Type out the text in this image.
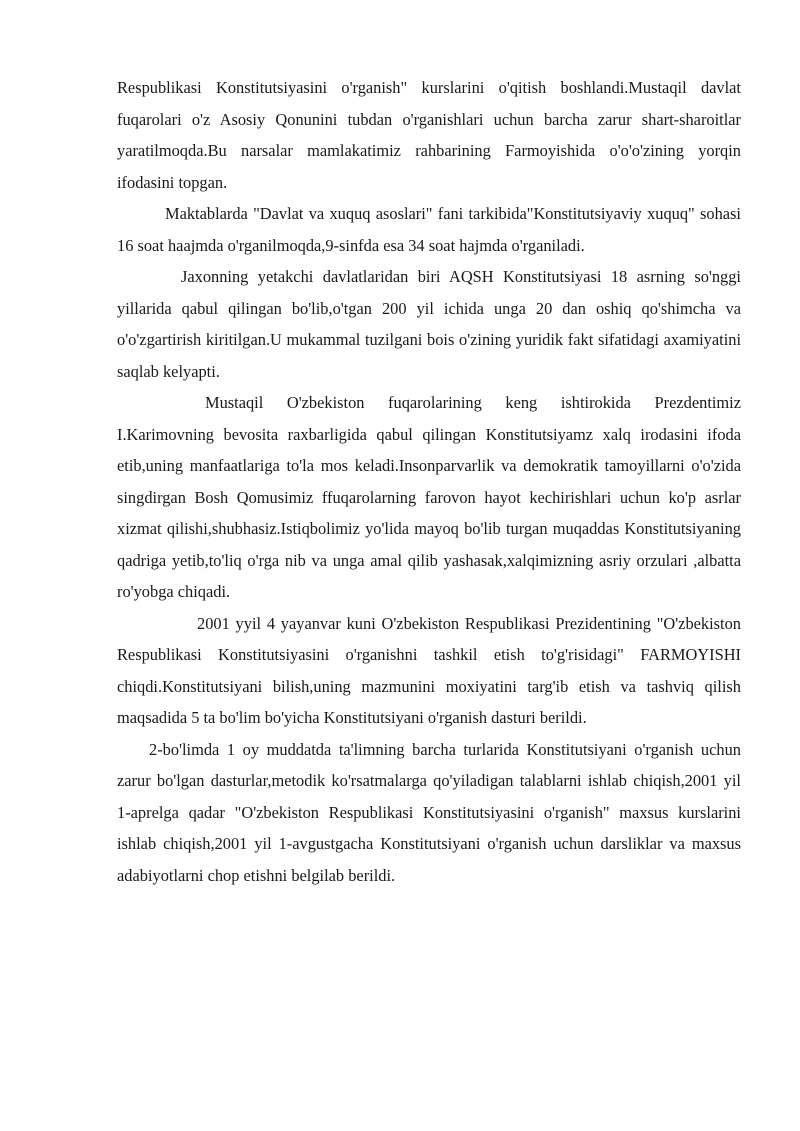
Respublikasi Konstitutsiyasini o'rganish" kurslarini o'qitish boshlandi.Mustaqil davlat fuqarolari o'z Asosiy Qonunini tubdan o'rganishlari uchun barcha zarur shart-sharoitlar yaratilmoqda.Bu narsalar mamlakatimiz rahbarining Farmoyishida o'o'o'zining yorqin ifodasini topgan.

Maktablarda "Davlat va xuquq asoslari" fani tarkibida"Konstitutsiyaviy xuquq" sohasi 16 soat haajmda o'rganilmoqda,9-sinfda esa 34 soat hajmda o'rganiladi.

Jaxonning yetakchi davlatlaridan biri AQSH Konstitutsiyasi 18 asrning so'nggi yillarida qabul qilingan bo'lib,o'tgan 200 yil ichida unga 20 dan oshiq qo'shimcha va o'o'zgartirish kiritilgan.U mukammal tuzilgani bois o'zining yuridik fakt sifatidagi axamiyatini saqlab kelyapti.

Mustaqil O'zbekiston fuqarolarining keng ishtirokida Prezdentimiz I.Karimovning bevosita raxbarligida qabul qilingan Konstitutsiyamz xalq irodasini ifoda etib,uning manfaatlariga to'la mos keladi.Insonparvarlik va demokratik tamoyillarni o'o'zida singdirgan Bosh Qomusimiz ffuqarolarning farovon hayot kechirishlari uchun ko'p asrlar xizmat qilishi,shubhasiz.Istiqbolimiz yo'lida mayoq bo'lib turgan muqaddas Konstitutsiyaning qadriga yetib,to'liq o'rga nib va unga amal qilib yashasak,xalqimizning asriy orzulari ,albatta ro'yobga chiqadi.

2001 yyil 4 yayanvar kuni O'zbekiston Respublikasi Prezidentining "O'zbekiston Respublikasi Konstitutsiyasini o'rganishni tashkil etish to'g'risidagi" FARMOYISHI chiqdi.Konstitutsiyani bilish,uning mazmunini moxiyatini targ'ib etish va tashviq qilish maqsadida 5 ta bo'lim bo'yicha Konstitutsiyani o'rganish dasturi berildi.

2-bo'limda 1 oy muddatda ta'limning barcha turlarida Konstitutsiyani o'rganish uchun zarur bo'lgan dasturlar,metodik ko'rsatmalarga qo'yiladigan talablarni ishlab chiqish,2001 yil 1-aprelga qadar "O'zbekiston Respublikasi Konstitutsiyasini o'rganish" maxsus kurslarini ishlab chiqish,2001 yil 1-avgustgacha Konstitutsiyani o'rganish uchun darsliklar va maxsus adabiyotlarni chop etishni belgilab berildi.
